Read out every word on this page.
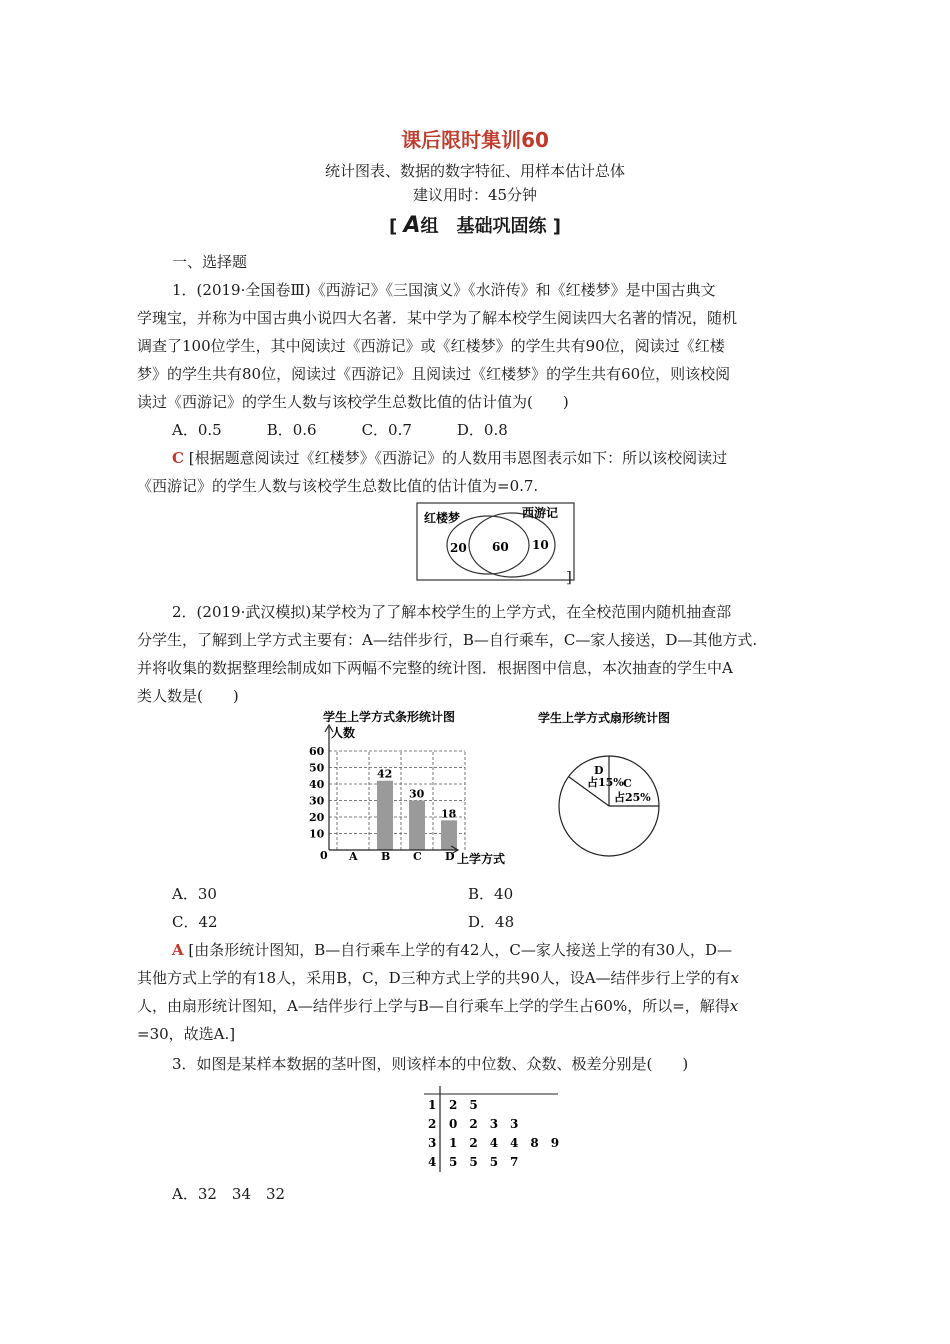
课后限时集训60
统计图表、数据的数字特征、用样本估计总体
建议用时：45分钟
[ A组　基础巩固练 ]
一、选择题
1．(2019·全国卷Ⅲ)《西游记》《三国演义》《水浒传》和《红楼梦》是中国古典文
学瑰宝，并称为中国古典小说四大名著．某中学为了解本校学生阅读四大名著的情况，随机
调查了100位学生，其中阅读过《西游记》或《红楼梦》的学生共有90位，阅读过《红楼
梦》的学生共有80位，阅读过《西游记》且阅读过《红楼梦》的学生共有60位，则该校阅
读过《西游记》的学生人数与该校学生总数比值的估计值为(　　)
A．0.5　　　B．0.6　　　C．0.7　　　D．0.8
C [根据题意阅读过《红楼梦》《西游记》的人数用韦恩图表示如下：所以该校阅读过
《西游记》的学生人数与该校学生总数比值的估计值为=0.7.
红楼梦	西游记
20 60 10
]
2．(2019·武汉模拟)某学校为了了解本校学生的上学方式，在全校范围内随机抽查部
分学生，了解到上学方式主要有：A—结伴步行，B—自行乘车，C—家人接送，D—其他方式.
并将收集的数据整理绘制成如下两幅不完整的统计图．根据图中信息，本次抽查的学生中A
类人数是(　　)
学生上学方式条形统计图
人数
10
20
30
40
50
60
A B C D
42
30
18
0	上学方式
学生上学方式扇形统计图
D
占15% C
占25%
A．30	B．40
C．42	D．48
A [由条形统计图知，B—自行乘车上学的有42人，C—家人接送上学的有30人，D—
其他方式上学的有18人，采用B，C，D三种方式上学的共90人，设A—结伴步行上学的有x
人，由扇形统计图知，A—结伴步行上学与B—自行乘车上学的学生占60%，所以=，解得x
=30，故选A.]
3．如图是某样本数据的茎叶图，则该样本的中位数、众数、极差分别是(　　)
1 2　5
2 0　2　3　3
3 1　2　4　4　8　9
4 5　5　5　7
A．32　34　32
